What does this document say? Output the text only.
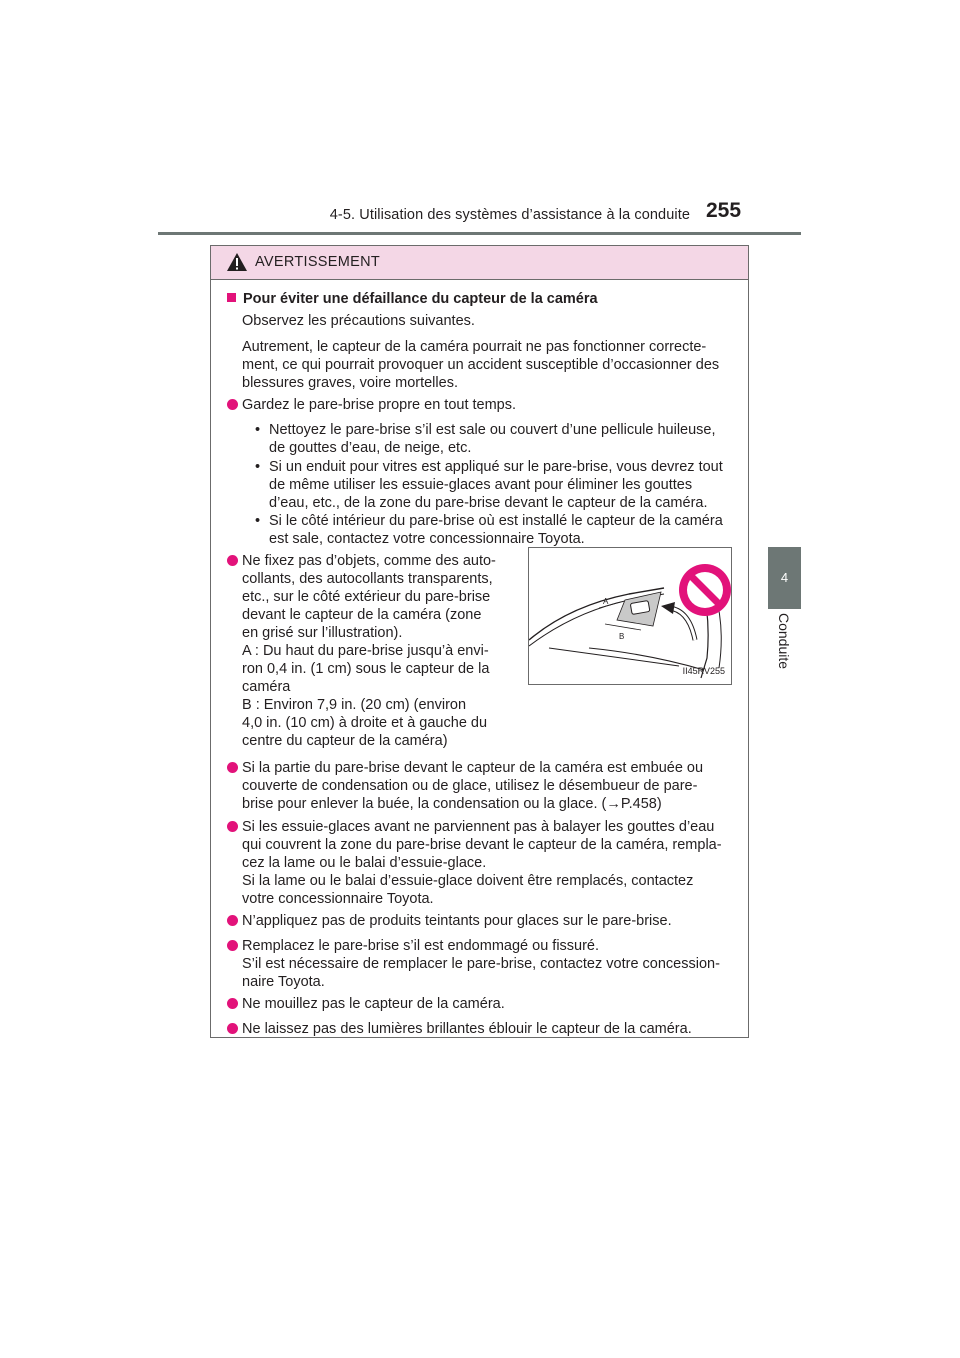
4-5. Utilisation des systèmes d’assistance à la conduite 255
4
Conduite
AVERTISSEMENT
Pour éviter une défaillance du capteur de la caméra
Observez les précautions suivantes.
Autrement, le capteur de la caméra pourrait ne pas fonctionner correcte-
ment, ce qui pourrait provoquer un accident susceptible d’occasionner des
blessures graves, voire mortelles.
Gardez le pare-brise propre en tout temps.
• Nettoyez le pare-brise s’il est sale ou couvert d’une pellicule huileuse,
de gouttes d’eau, de neige, etc.
• Si un enduit pour vitres est appliqué sur le pare-brise, vous devrez tout
de même utiliser les essuie-glaces avant pour éliminer les gouttes
d’eau, etc., de la zone du pare-brise devant le capteur de la caméra.
• Si le côté intérieur du pare-brise où est installé le capteur de la caméra
est sale, contactez votre concessionnaire Toyota.
Ne fixez pas d’objets, comme des auto-
collants, des autocollants transparents,
etc., sur le côté extérieur du pare-brise
devant le capteur de la caméra (zone
en grisé sur l’illustration).
A : Du haut du pare-brise jusqu’à envi-
ron 0,4 in. (1 cm) sous le capteur de la
caméra
B : Environ 7,9 in. (20 cm) (environ
4,0 in. (10 cm) à droite et à gauche du
centre du capteur de la caméra)
A
B
II45RV255
Si la partie du pare-brise devant le capteur de la caméra est embuée ou
couverte de condensation ou de glace, utilisez le désembueur de pare-
brise pour enlever la buée, la condensation ou la glace. (→P.458)
Si les essuie-glaces avant ne parviennent pas à balayer les gouttes d’eau
qui couvrent la zone du pare-brise devant le capteur de la caméra, rempla-
cez la lame ou le balai d’essuie-glace.
Si la lame ou le balai d’essuie-glace doivent être remplacés, contactez
votre concessionnaire Toyota.
N’appliquez pas de produits teintants pour glaces sur le pare-brise.
Remplacez le pare-brise s’il est endommagé ou fissuré.
S’il est nécessaire de remplacer le pare-brise, contactez votre concession-
naire Toyota.
Ne mouillez pas le capteur de la caméra.
Ne laissez pas des lumières brillantes éblouir le capteur de la caméra.
